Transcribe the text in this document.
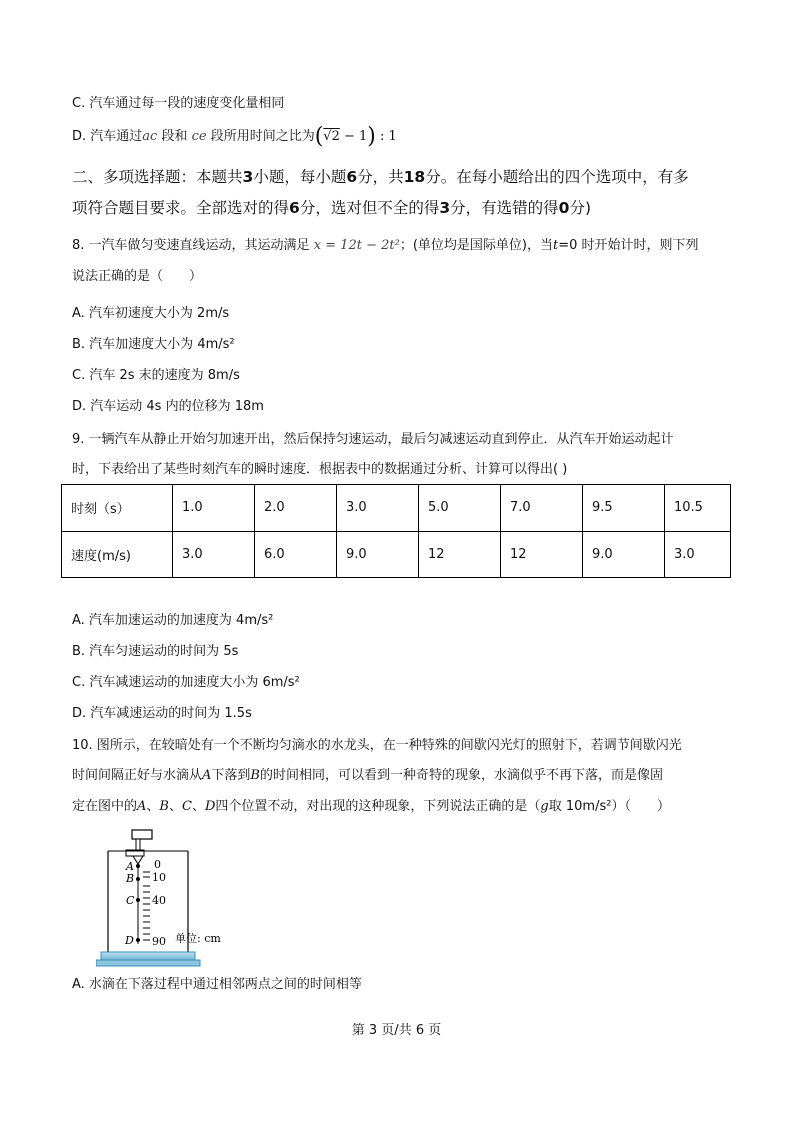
C. 汽车通过每一段的速度变化量相同
D. 汽车通过ac 段和 ce 段所用时间之比为(√2 − 1) : 1
二、多项选择题：本题共3小题，每小题6分，共18分。在每小题给出的四个选项中，有多
项符合题目要求。全部选对的得6分，选对但不全的得3分，有选错的得0分)
8. 一汽车做匀变速直线运动，其运动满足 x = 12t − 2t²；(单位均是国际单位)，当t=0 时开始计时，则下列
说法正确的是（　　）
A. 汽车初速度大小为 2m/s
B. 汽车加速度大小为 4m/s²
C. 汽车 2s 末的速度为 8m/s
D. 汽车运动 4s 内的位移为 18m
9. 一辆汽车从静止开始匀加速开出，然后保持匀速运动，最后匀减速运动直到停止．从汽车开始运动起计
时，下表给出了某些时刻汽车的瞬时速度．根据表中的数据通过分析、计算可以得出( )
时刻（s）	1.0	2.0	3.0	5.0	7.0	9.5	10.5
速度(m/s)	3.0	6.0	9.0	12	12	9.0	3.0
A. 汽车加速运动的加速度为 4m/s²
B. 汽车匀速运动的时间为 5s
C. 汽车减速运动的加速度大小为 6m/s²
D. 汽车减速运动的时间为 1.5s
10. 图所示，在较暗处有一个不断均匀滴水的水龙头，在一种特殊的间歇闪光灯的照射下，若调节间歇闪光
时间间隔正好与水滴从A下落到B的时间相同，可以看到一种奇特的现象，水滴似乎不再下落，而是像固
定在图中的A、B、C、D四个位置不动，对出现的这种现象，下列说法正确的是（g取 10m/s²）（　　）
A
B
C
D
0
10
40
90 单位: cm
A. 水滴在下落过程中通过相邻两点之间的时间相等
第 3 页/共 6 页
